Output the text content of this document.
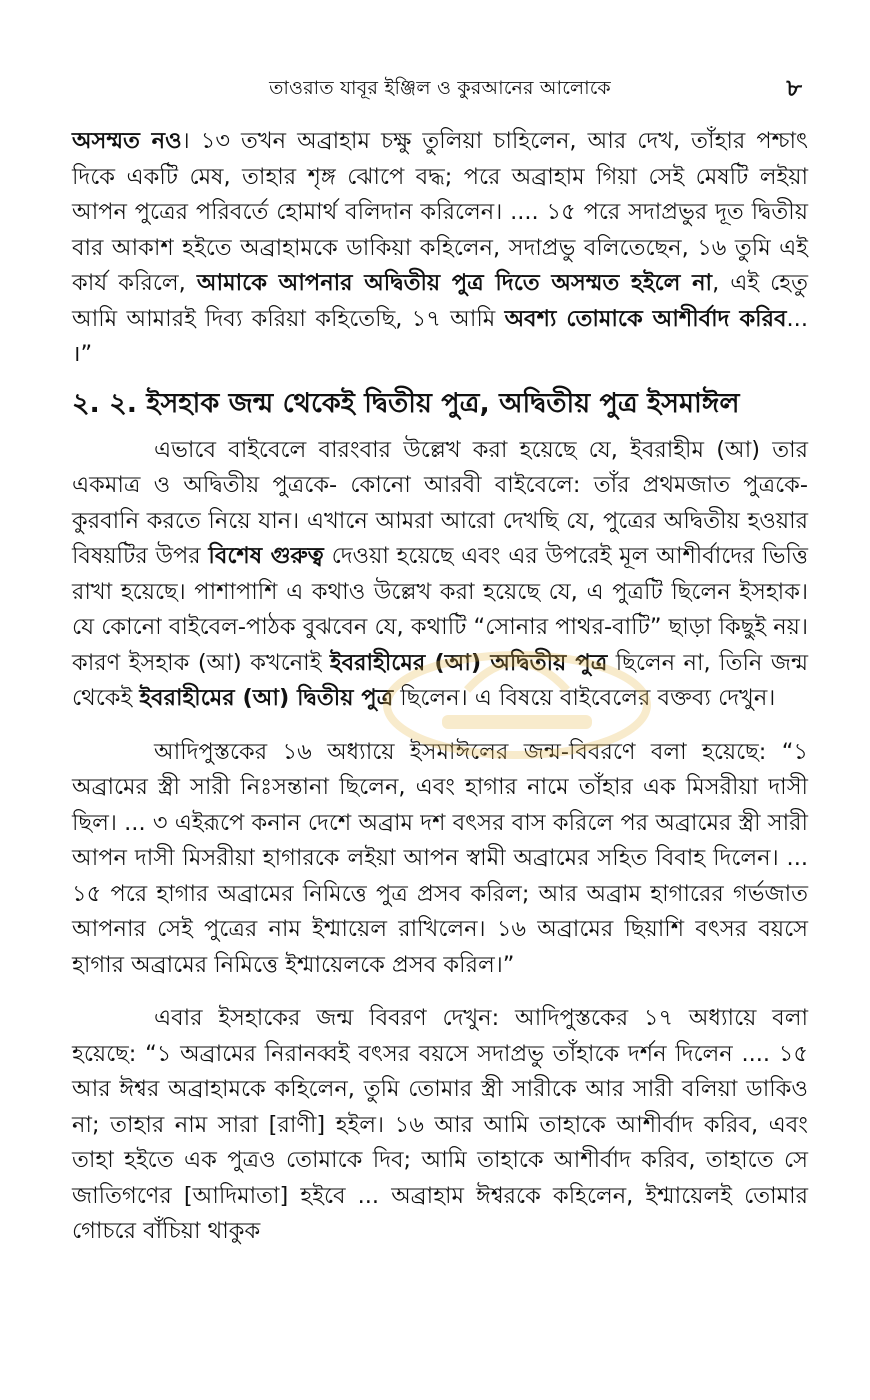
তাওরাত যাবূর ইঞ্জিল ও কুরআনের আলোকে	৮

অসম্মত নও। ১৩ তখন অব্রাহাম চক্ষু তুলিয়া চাহিলেন, আর দেখ, তাঁহার পশ্চাৎ দিকে একটি মেষ, তাহার শৃঙ্গ ঝোপে বদ্ধ; পরে অব্রাহাম গিয়া সেই মেষটি লইয়া আপন পুত্রের পরিবর্তে হোমার্থ বলিদান করিলেন। .... ১৫ পরে সদাপ্রভুর দূত দ্বিতীয় বার আকাশ হইতে অব্রাহামকে ডাকিয়া কহিলেন, সদাপ্রভু বলিতেছেন, ১৬ তুমি এই কার্য করিলে, আমাকে আপনার অদ্বিতীয় পুত্র দিতে অসম্মত হইলে না, এই হেতু আমি আমারই দিব্য করিয়া কহিতেছি, ১৭ আমি অবশ্য তোমাকে আশীর্বাদ করিব... ।”

২. ২. ইসহাক জন্ম থেকেই দ্বিতীয় পুত্র, অদ্বিতীয় পুত্র ইসমাঈল

এভাবে বাইবেলে বারংবার উল্লেখ করা হয়েছে যে, ইবরাহীম (আ) তার একমাত্র ও অদ্বিতীয় পুত্রকে- কোনো আরবী বাইবেলে: তাঁর প্রথমজাত পুত্রকে- কুরবানি করতে নিয়ে যান। এখানে আমরা আরো দেখছি যে, পুত্রের অদ্বিতীয় হওয়ার বিষয়টির উপর বিশেষ গুরুত্ব দেওয়া হয়েছে এবং এর উপরেই মূল আশীর্বাদের ভিত্তি রাখা হয়েছে। পাশাপাশি এ কথাও উল্লেখ করা হয়েছে যে, এ পুত্রটি ছিলেন ইসহাক। যে কোনো বাইবেল-পাঠক বুঝবেন যে, কথাটি “সোনার পাথর-বাটি” ছাড়া কিছুই নয়। কারণ ইসহাক (আ) কখনোই ইবরাহীমের (আ) অদ্বিতীয় পুত্র ছিলেন না, তিনি জন্ম থেকেই ইবরাহীমের (আ) দ্বিতীয় পুত্র ছিলেন। এ বিষয়ে বাইবেলের বক্তব্য দেখুন।

আদিপুস্তকের ১৬ অধ্যায়ে ইসমাঈলের জন্ম-বিবরণে বলা হয়েছে: “১ অব্রামের স্ত্রী সারী নিঃসন্তানা ছিলেন, এবং হাগার নামে তাঁহার এক মিসরীয়া দাসী ছিল। ... ৩ এইরূপে কনান দেশে অব্রাম দশ বৎসর বাস করিলে পর অব্রামের স্ত্রী সারী আপন দাসী মিসরীয়া হাগারকে লইয়া আপন স্বামী অব্রামের সহিত বিবাহ দিলেন। ... ১৫ পরে হাগার অব্রামের নিমিত্তে পুত্র প্রসব করিল; আর অব্রাম হাগারের গর্ভজাত আপনার সেই পুত্রের নাম ইশ্মায়েল রাখিলেন। ১৬ অব্রামের ছিয়াশি বৎসর বয়সে হাগার অব্রামের নিমিত্তে ইশ্মায়েলকে প্রসব করিল।”

এবার ইসহাকের জন্ম বিবরণ দেখুন: আদিপুস্তকের ১৭ অধ্যায়ে বলা হয়েছে: “১ অব্রামের নিরানব্বই বৎসর বয়সে সদাপ্রভু তাঁহাকে দর্শন দিলেন .... ১৫ আর ঈশ্বর অব্রাহামকে কহিলেন, তুমি তোমার স্ত্রী সারীকে আর সারী বলিয়া ডাকিও না; তাহার নাম সারা [রাণী] হইল। ১৬ আর আমি তাহাকে আশীর্বাদ করিব, এবং তাহা হইতে এক পুত্রও তোমাকে দিব; আমি তাহাকে আশীর্বাদ করিব, তাহাতে সে জাতিগণের [আদিমাতা] হইবে ... অব্রাহাম ঈশ্বরকে কহিলেন, ইশ্মায়েলই তোমার গোচরে বাঁচিয়া থাকুক
